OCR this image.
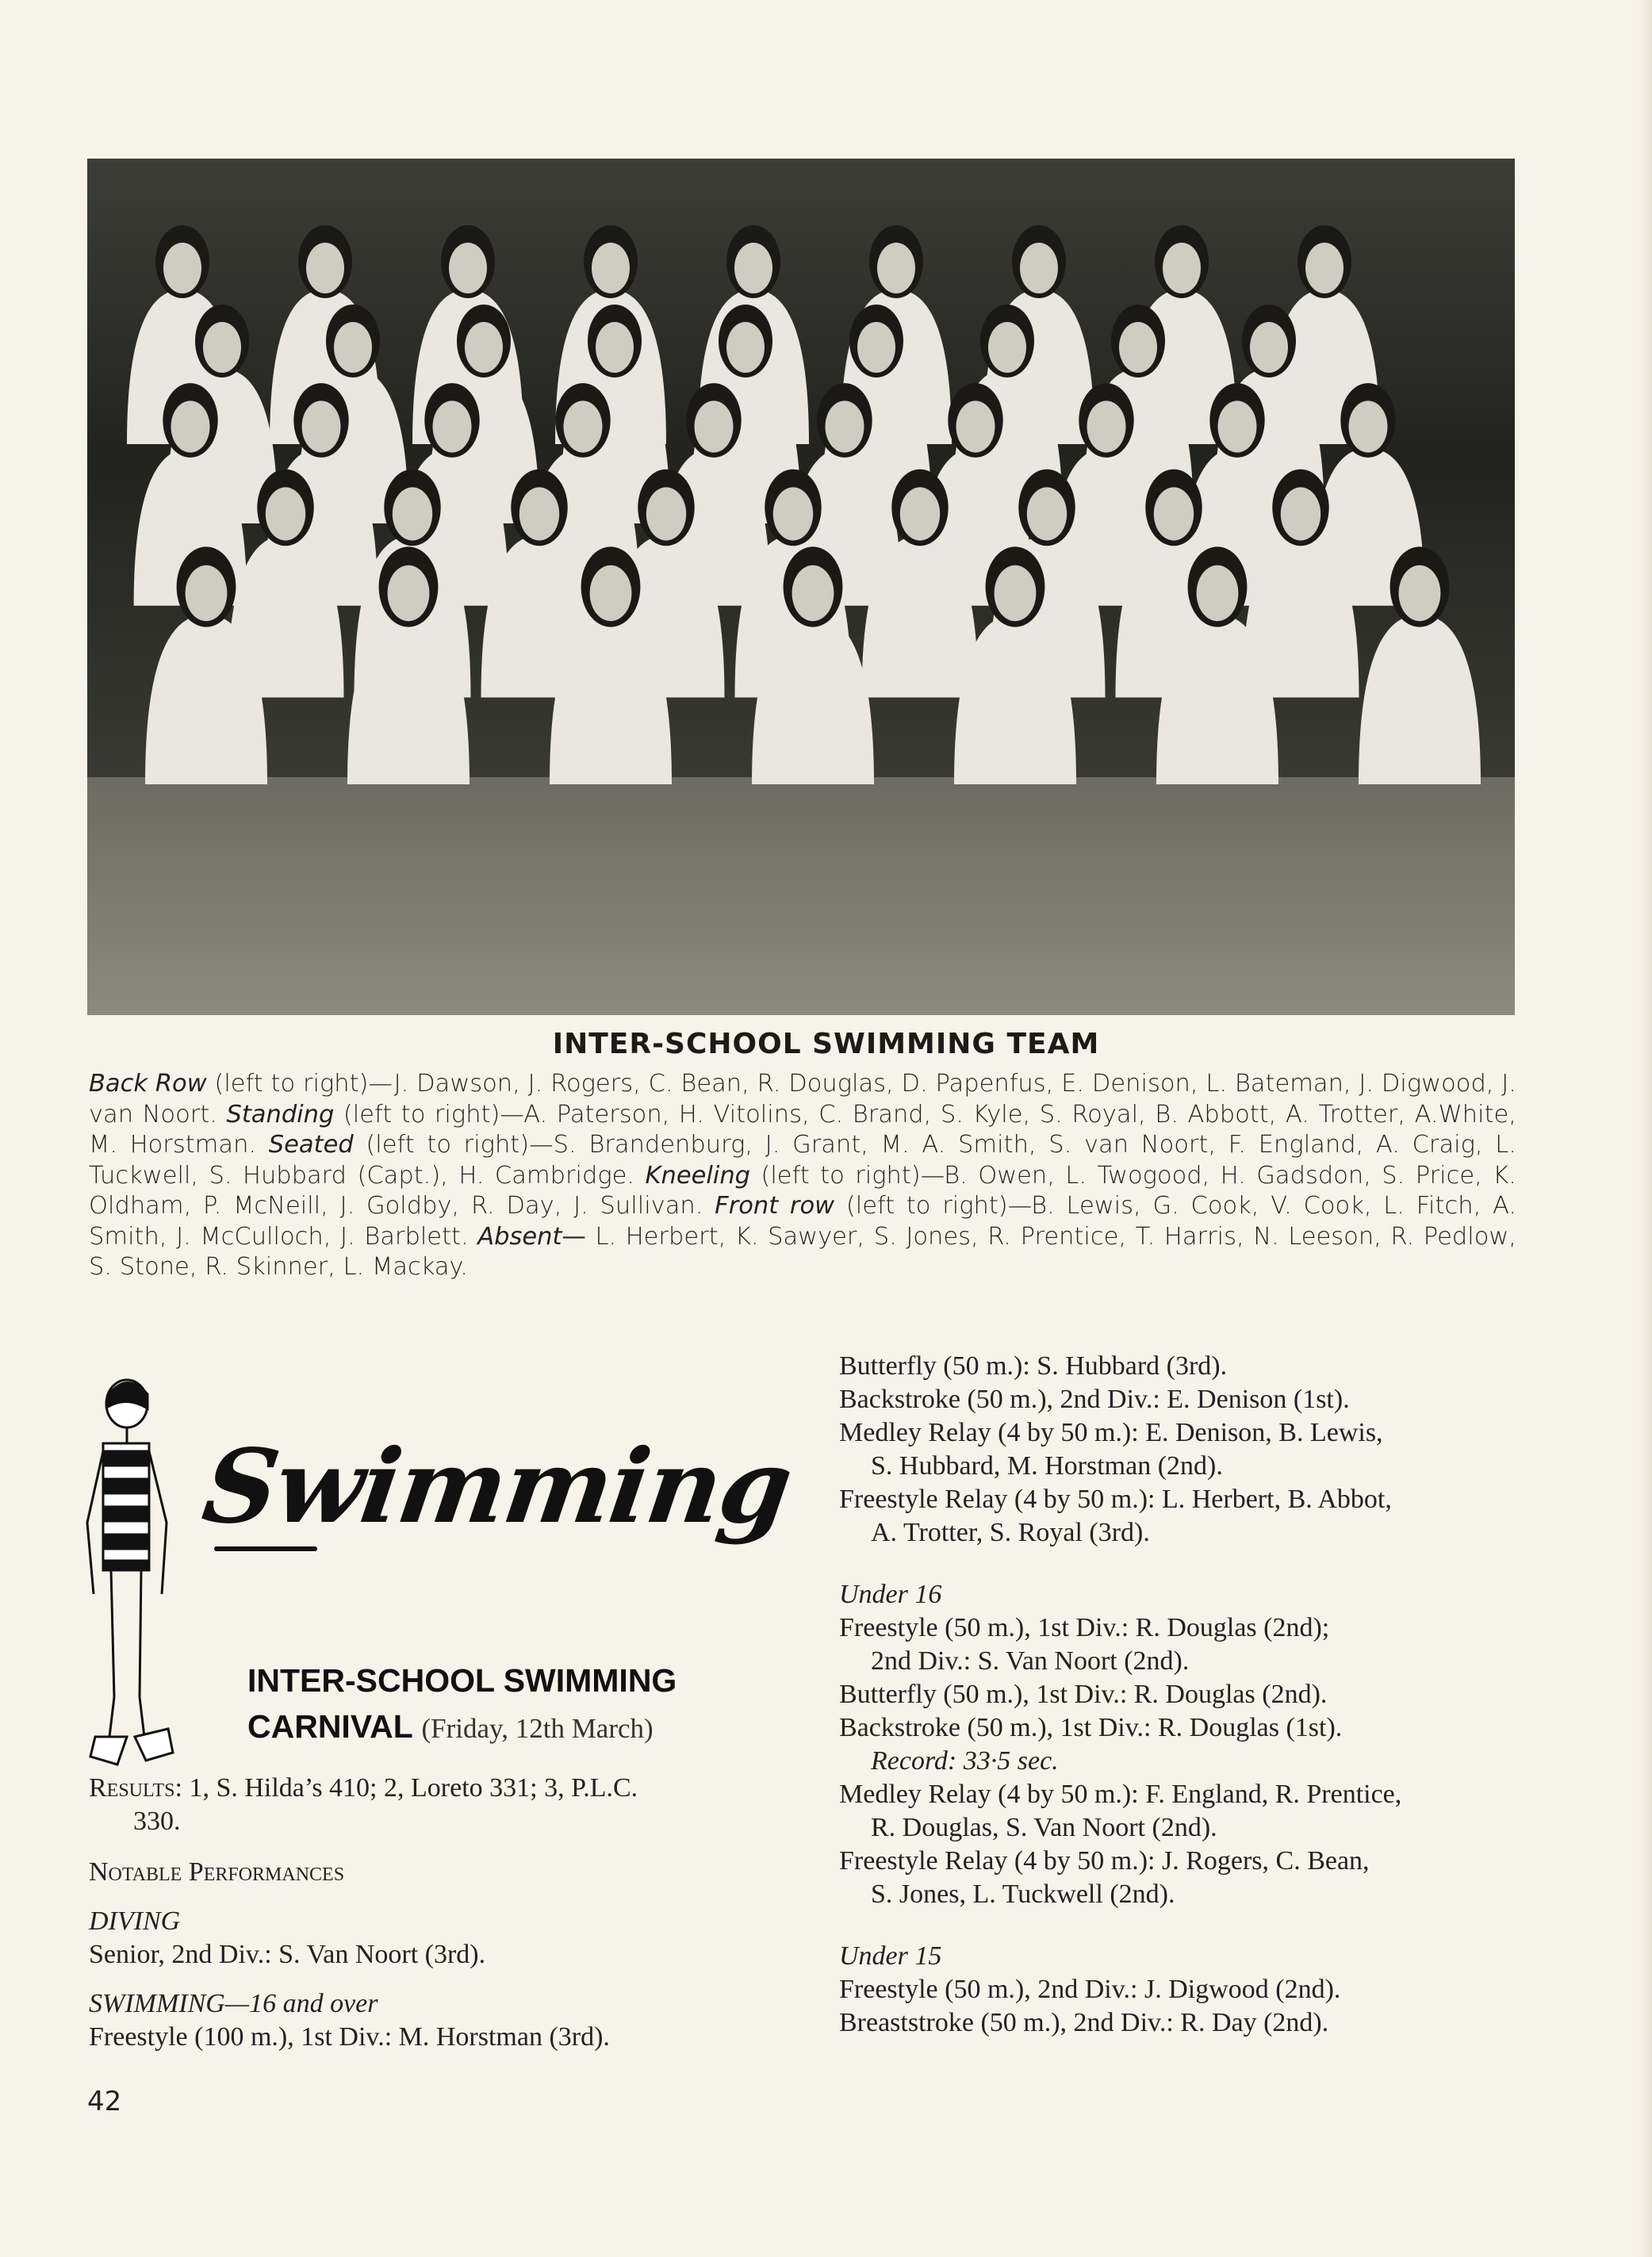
INTER-SCHOOL SWIMMING TEAM
Back Row (left to right)—J. Dawson, J. Rogers, C. Bean, R. Douglas, D. Papenfus, E. Denison, L. Bateman, J. Digwood, J. van Noort. Standing (left to right)—A. Paterson, H. Vitolins, C. Brand, S. Kyle, S. Royal, B. Abbott, A. Trotter, A.White, M. Horstman. Seated (left to right)—S. Brandenburg, J. Grant, M. A. Smith, S. van Noort, F. England, A. Craig, L. Tuckwell, S. Hubbard (Capt.), H. Cambridge. Kneeling (left to right)—B. Owen, L. Twogood, H. Gadsdon, S. Price, K. Oldham, P. McNeill, J. Goldby, R. Day, J. Sullivan. Front row (left to right)—B. Lewis, G. Cook, V. Cook, L. Fitch, A. Smith, J. McCulloch, J. Barblett. Absent— L. Herbert, K. Sawyer, S. Jones, R. Prentice, T. Harris, N. Leeson, R. Pedlow, S. Stone, R. Skinner, L. Mackay.
Swimming
INTER-SCHOOL SWIMMING
CARNIVAL (Friday, 12th March)
Results: 1, S. Hilda’s 410; 2, Loreto 331; 3, P.L.C.
330.
Notable Performances
DIVING
Senior, 2nd Div.: S. Van Noort (3rd).
SWIMMING—16 and over
Freestyle (100 m.), 1st Div.: M. Horstman (3rd).
Butterfly (50 m.): S. Hubbard (3rd).
Backstroke (50 m.), 2nd Div.: E. Denison (1st).
Medley Relay (4 by 50 m.): E. Denison, B. Lewis,
S. Hubbard, M. Horstman (2nd).
Freestyle Relay (4 by 50 m.): L. Herbert, B. Abbot,
A. Trotter, S. Royal (3rd).
Under 16
Freestyle (50 m.), 1st Div.: R. Douglas (2nd);
2nd Div.: S. Van Noort (2nd).
Butterfly (50 m.), 1st Div.: R. Douglas (2nd).
Backstroke (50 m.), 1st Div.: R. Douglas (1st).
Record: 33·5 sec.
Medley Relay (4 by 50 m.): F. England, R. Prentice,
R. Douglas, S. Van Noort (2nd).
Freestyle Relay (4 by 50 m.): J. Rogers, C. Bean,
S. Jones, L. Tuckwell (2nd).
Under 15
Freestyle (50 m.), 2nd Div.: J. Digwood (2nd).
Breaststroke (50 m.), 2nd Div.: R. Day (2nd).
42
